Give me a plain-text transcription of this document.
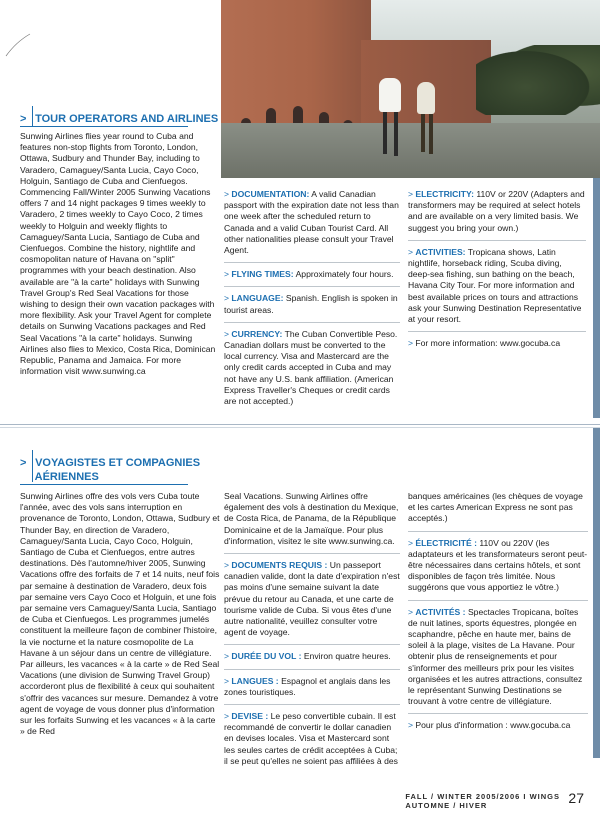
> TOUR OPERATORS AND AIRLINES

Sunwing Airlines flies year round to Cuba and features non-stop flights from Toronto, London, Ottawa, Sudbury and Thunder Bay, including to Varadero, Camaguey/Santa Lucia, Cayo Coco, Holguin, Santiago de Cuba and Cienfuegos. Commencing Fall/Winter 2005 Sunwing Vacations offers 7 and 14 night packages 9 times weekly to Varadero, 2 times weekly to Cayo Coco, 2 times weekly to Holguin and weekly flights to Camaguey/Santa Lucia, Santiago de Cuba and Cienfuegos. Combine the history, nightlife and cosmopolitan nature of Havana on "split" programmes with your beach destination. Also available are "à la carte" holidays with Sunwing Travel Group's Red Seal Vacations for those wishing to design their own vacation packages with more flexibility. Ask your Travel Agent for complete details on Sunwing Vacations packages and Red Seal Vacations "à la carte" holidays. Sunwing Airlines also flies to Mexico, Costa Rica, Dominican Republic, Panama and Jamaica. For more information visit www.sunwing.ca

> DOCUMENTATION: A valid Canadian passport with the expiration date not less than one week after the scheduled return to Canada and a valid Cuban Tourist Card. All other nationalities please consult your Travel Agent.
> FLYING TIMES: Approximately four hours.
> LANGUAGE: Spanish. English is spoken in tourist areas.
> CURRENCY: The Cuban Convertible Peso. Canadian dollars must be converted to the local currency. Visa and Mastercard are the only credit cards accepted in Cuba and may not have any U.S. bank affiliation. (American Express Traveller's Cheques or credit cards are not accepted.)
> ELECTRICITY: 110V or 220V (Adapters and transformers may be required at select hotels and are available on a very limited basis. We suggest you bring your own.)
> ACTIVITIES: Tropicana shows, Latin nightlife, horseback riding, Scuba diving, deep-sea fishing, sun bathing on the beach, Havana City Tour. For more information and best available prices on tours and attractions ask your Sunwing Destination Representative at your resort.
> For more information: www.gocuba.ca
> VOYAGISTES ET COMPAGNIES
AÉRIENNES

Sunwing Airlines offre des vols vers Cuba toute l'année, avec des vols sans interruption en provenance de Toronto, London, Ottawa, Sudbury et Thunder Bay, en direction de Varadero, Camaguey/Santa Lucia, Cayo Coco, Holguin, Santiago de Cuba et Cienfuegos, entre autres destinations. Dès l'automne/hiver 2005, Sunwing Vacations offre des forfaits de 7 et 14 nuits, neuf fois par semaine à destination de Varadero, deux fois par semaine vers Cayo Coco et Holguin, et une fois par semaine vers Camaguey/Santa Lucia, Santiago de Cuba et Cienfuegos. Les programmes jumelés constituent la meilleure façon de combiner l'histoire, la vie nocturne et la nature cosmopolite de La Havane à un séjour dans un centre de villégiature. Par ailleurs, les vacances « à la carte » de Red Seal Vacations (une division de Sunwing Travel Group) accorderont plus de flexibilité à ceux qui souhaitent s'offrir des vacances sur mesure. Demandez à votre agent de voyage de vous donner plus d'information sur les forfaits Sunwing et les vacances « à la carte » de Red

Seal Vacations. Sunwing Airlines offre également des vols à destination du Mexique, de Costa Rica, de Panama, de la République Dominicaine et de la Jamaïque. Pour plus d'information, visitez le site www.sunwing.ca.
> DOCUMENTS REQUIS : Un passeport canadien valide, dont la date d'expiration n'est pas moins d'une semaine suivant la date prévue du retour au Canada, et une carte de tourisme valide de Cuba. Si vous êtes d'une autre nationalité, veuillez consulter votre agent de voyage.
> DURÉE DU VOL : Environ quatre heures.
> LANGUES : Espagnol et anglais dans les zones touristiques.
> DEVISE : Le peso convertible cubain. Il est recommandé de convertir le dollar canadien en devises locales. Visa et Mastercard sont les seules cartes de crédit acceptées à Cuba; il se peut qu'elles ne soient pas affiliées à des
banques américaines (les chèques de voyage et les cartes American Express ne sont pas acceptés.)
> ÉLECTRICITÉ : 110V ou 220V (les adaptateurs et les transformateurs seront peut-être nécessaires dans certains hôtels, et sont disponibles de façon très limitée. Nous suggérons que vous apportiez le vôtre.)
> ACTIVITÉS : Spectacles Tropicana, boîtes de nuit latines, sports équestres, plongée en scaphandre, pêche en haute mer, bains de soleil à la plage, visites de La Havane. Pour obtenir plus de renseignements et pour s'informer des meilleurs prix pour les visites organisées et les autres attractions, consultez le représentant Sunwing Destinations se trouvant à votre centre de villégiature.
> Pour plus d'information : www.gocuba.ca
FALL / WINTER 2005/2006 I WINGS
AUTOMNE / HIVER	27
